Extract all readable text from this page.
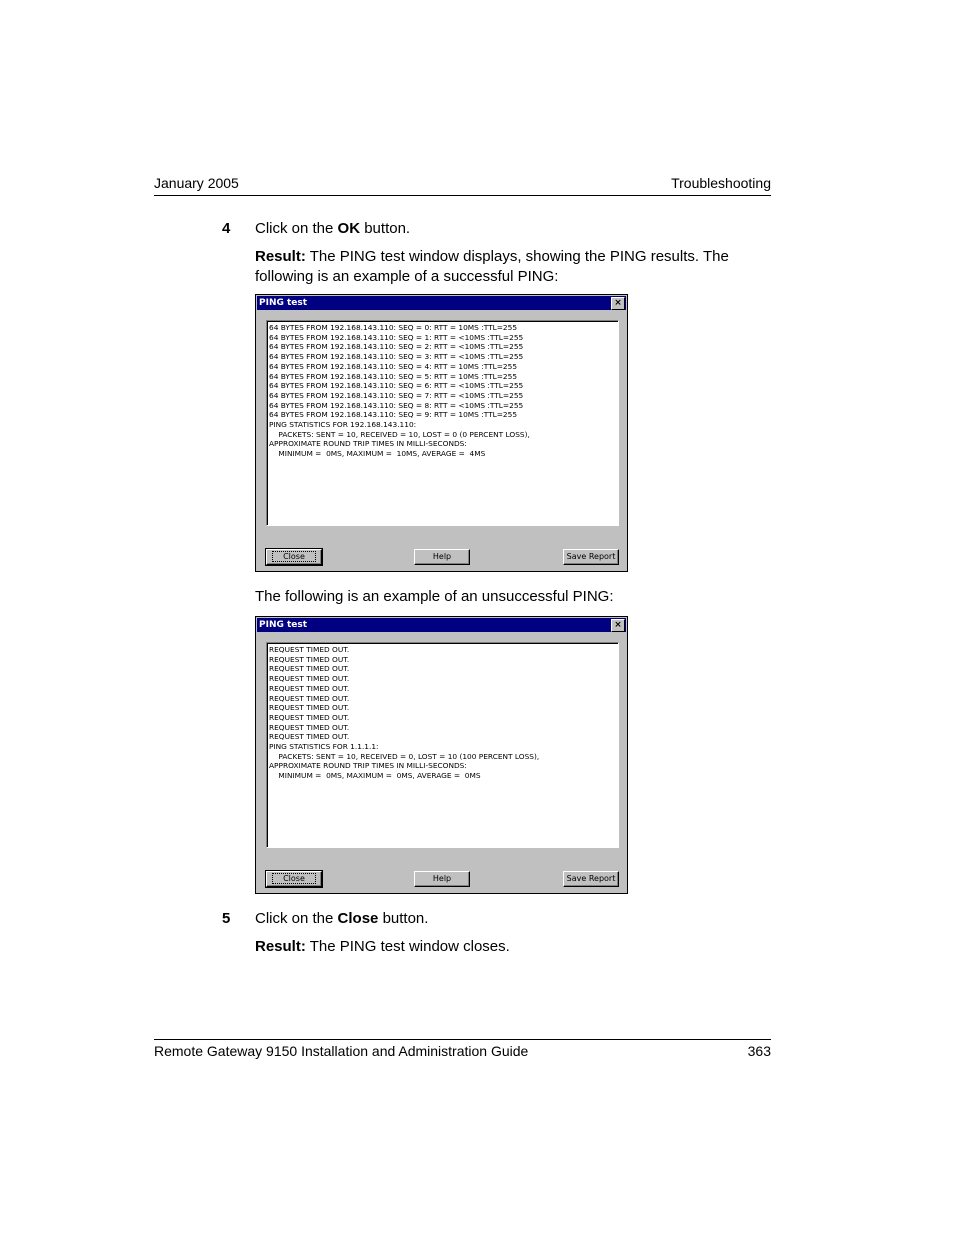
January 2005	Troubleshooting
4 Click on the OK button.
Result: The PING test window displays, showing the PING results. The following is an example of a successful PING:
PING test	×
64 BYTES FROM 192.168.143.110: SEQ = 0: RTT = 10MS :TTL=255
64 BYTES FROM 192.168.143.110: SEQ = 1: RTT = <10MS :TTL=255
64 BYTES FROM 192.168.143.110: SEQ = 2: RTT = <10MS :TTL=255
64 BYTES FROM 192.168.143.110: SEQ = 3: RTT = <10MS :TTL=255
64 BYTES FROM 192.168.143.110: SEQ = 4: RTT = 10MS :TTL=255
64 BYTES FROM 192.168.143.110: SEQ = 5: RTT = 10MS :TTL=255
64 BYTES FROM 192.168.143.110: SEQ = 6: RTT = <10MS :TTL=255
64 BYTES FROM 192.168.143.110: SEQ = 7: RTT = <10MS :TTL=255
64 BYTES FROM 192.168.143.110: SEQ = 8: RTT = <10MS :TTL=255
64 BYTES FROM 192.168.143.110: SEQ = 9: RTT = 10MS :TTL=255
PING STATISTICS FOR 192.168.143.110:
PACKETS: SENT = 10, RECEIVED = 10, LOST = 0 (0 PERCENT LOSS),
APPROXIMATE ROUND TRIP TIMES IN MILLI-SECONDS:
MINIMUM =  0MS, MAXIMUM =  10MS, AVERAGE =  4MS
Close	Help	Save Report
The following is an example of an unsuccessful PING:
PING test	×
REQUEST TIMED OUT.
REQUEST TIMED OUT.
REQUEST TIMED OUT.
REQUEST TIMED OUT.
REQUEST TIMED OUT.
REQUEST TIMED OUT.
REQUEST TIMED OUT.
REQUEST TIMED OUT.
REQUEST TIMED OUT.
REQUEST TIMED OUT.
PING STATISTICS FOR 1.1.1.1:
PACKETS: SENT = 10, RECEIVED = 0, LOST = 10 (100 PERCENT LOSS),
APPROXIMATE ROUND TRIP TIMES IN MILLI-SECONDS:
MINIMUM =  0MS, MAXIMUM =  0MS, AVERAGE =  0MS
Close	Help	Save Report
5 Click on the Close button.
Result: The PING test window closes.
Remote Gateway 9150 Installation and Administration Guide	363
